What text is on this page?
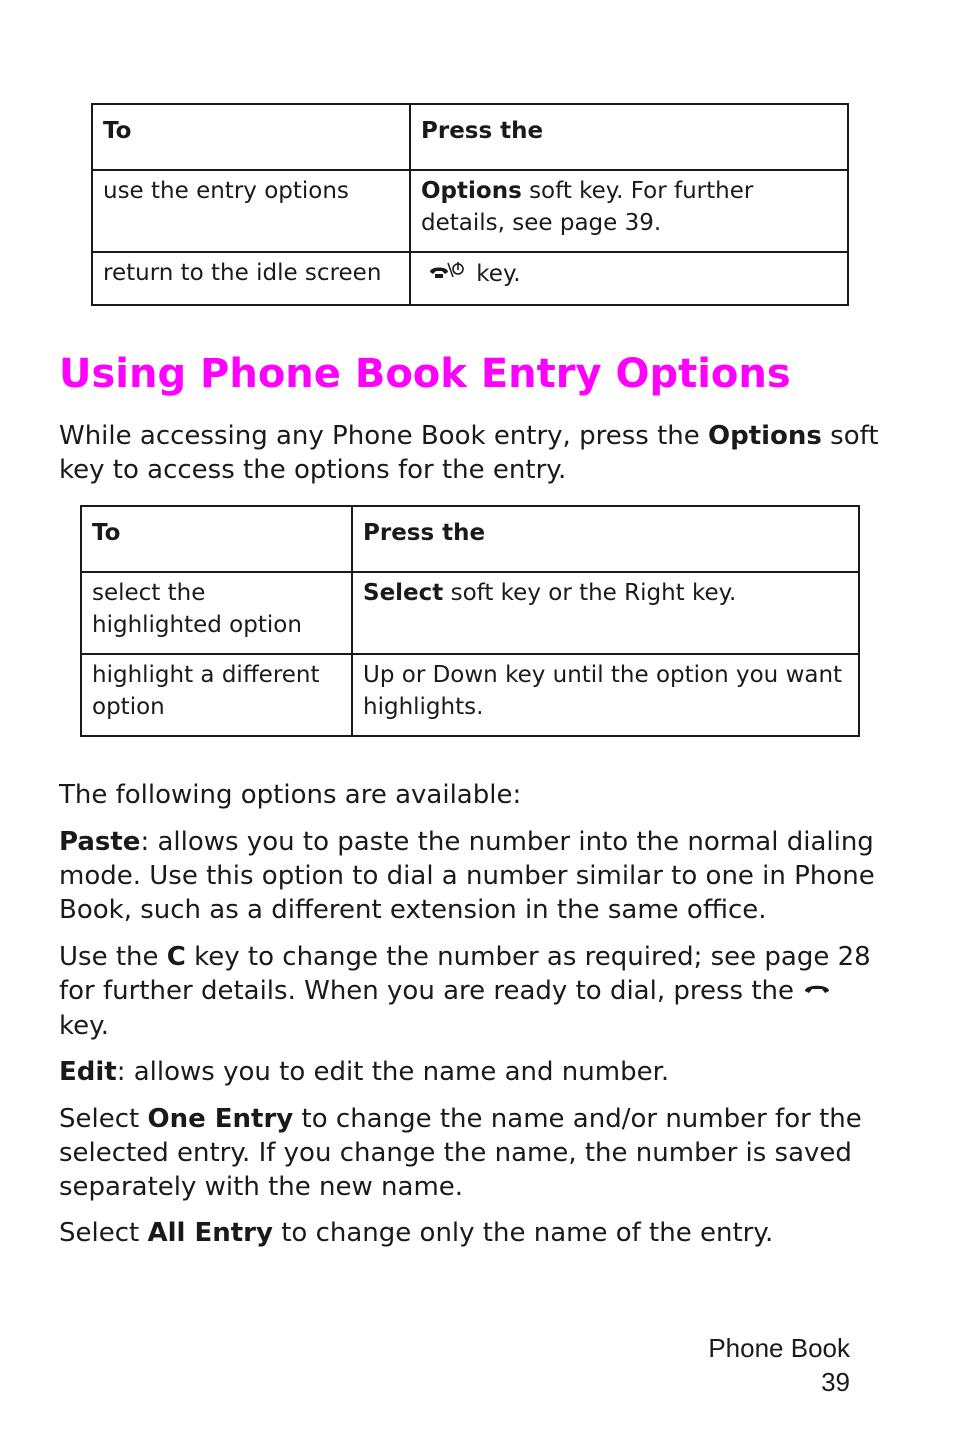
To	Press the
use the entry options	Options soft key. For further details, see page 39.
return to the idle screen	key.
Using Phone Book Entry Options

While accessing any Phone Book entry, press the Options soft key to access the options for the entry.

To	Press the
select the highlighted option	Select soft key or the Right key.
highlight a different option	Up or Down key until the option you want highlights.

The following options are available:

Paste: allows you to paste the number into the normal dialing mode. Use this option to dial a number similar to one in Phone Book, such as a different extension in the same office.

Use the C key to change the number as required; see page 28 for further details. When you are ready to dial, press the  key.

Edit: allows you to edit the name and number.

Select One Entry to change the name and/or number for the selected entry. If you change the name, the number is saved separately with the new name.

Select All Entry to change only the name of the entry.

Phone Book
39
